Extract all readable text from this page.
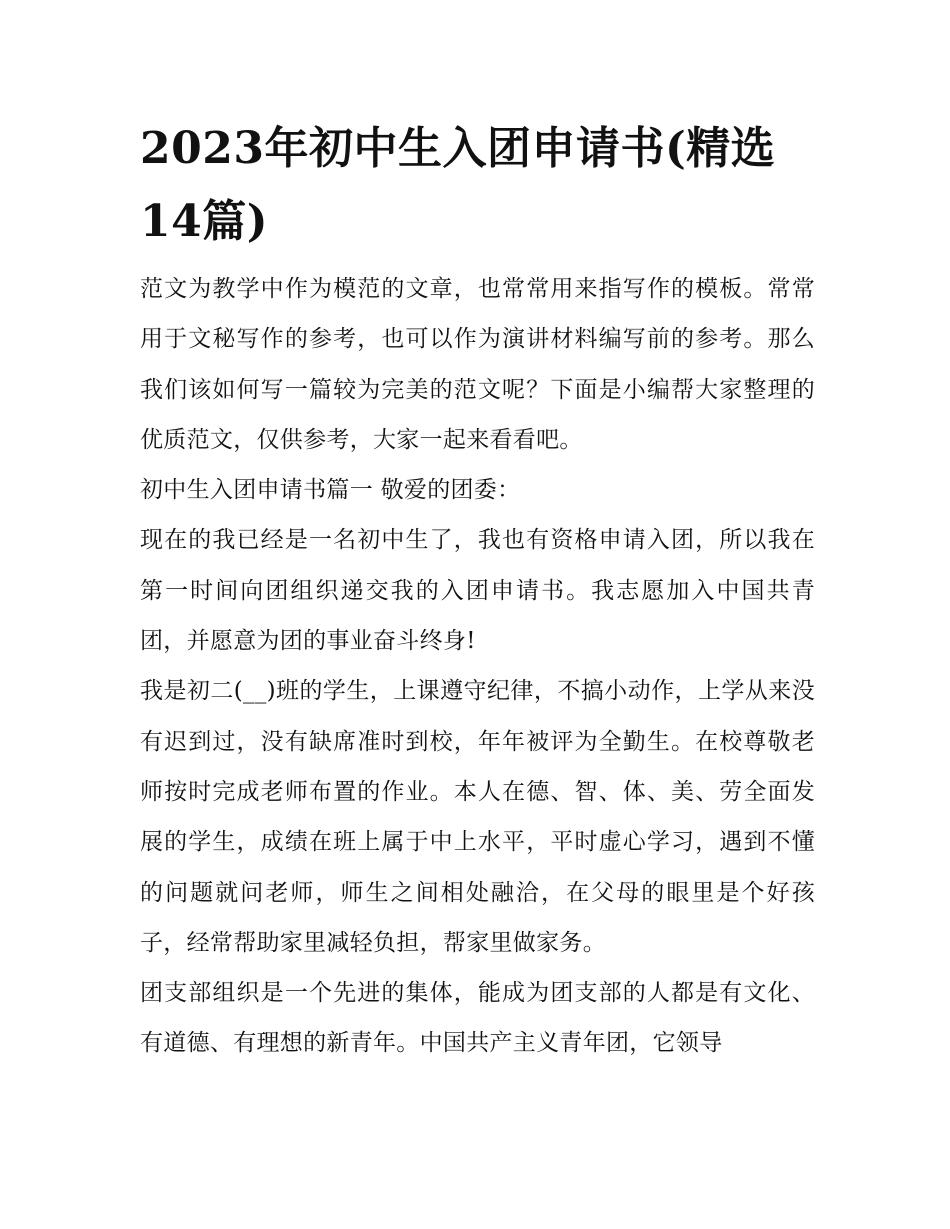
2023年初中生入团申请书(精选14篇)

范文为教学中作为模范的文章，也常常用来指写作的模板。常常用于文秘写作的参考，也可以作为演讲材料编写前的参考。那么我们该如何写一篇较为完美的范文呢？下面是小编帮大家整理的优质范文，仅供参考，大家一起来看看吧。

初中生入团申请书篇一 敬爱的团委：

现在的我已经是一名初中生了，我也有资格申请入团，所以我在第一时间向团组织递交我的入团申请书。我志愿加入中国共青团，并愿意为团的事业奋斗终身!

我是初二(__)班的学生，上课遵守纪律，不搞小动作，上学从来没有迟到过，没有缺席准时到校，年年被评为全勤生。在校尊敬老师按时完成老师布置的作业。本人在德、智、体、美、劳全面发展的学生，成绩在班上属于中上水平，平时虚心学习，遇到不懂的问题就问老师，师生之间相处融洽，在父母的眼里是个好孩子，经常帮助家里减轻负担，帮家里做家务。

团支部组织是一个先进的集体，能成为团支部的人都是有文化、有道德、有理想的新青年。中国共产主义青年团，它领导
